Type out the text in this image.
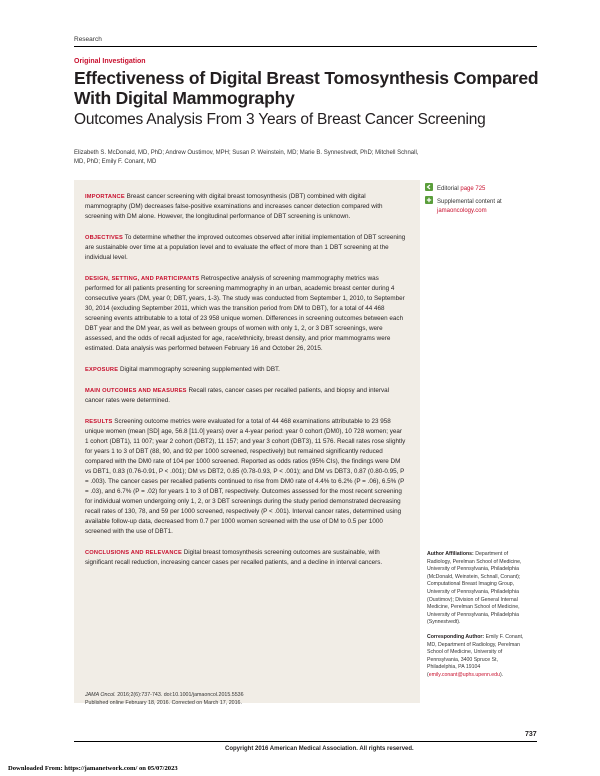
Research
Original Investigation
Effectiveness of Digital Breast Tomosynthesis Compared With Digital Mammography
Outcomes Analysis From 3 Years of Breast Cancer Screening
Elizabeth S. McDonald, MD, PhD; Andrew Oustimov, MPH; Susan P. Weinstein, MD; Marie B. Synnestvedt, PhD; Mitchell Schnall, MD, PhD; Emily F. Conant, MD

IMPORTANCE Breast cancer screening with digital breast tomosynthesis (DBT) combined with digital mammography (DM) decreases false-positive examinations and increases cancer detection compared with screening with DM alone. However, the longitudinal performance of DBT screening is unknown.

OBJECTIVES To determine whether the improved outcomes observed after initial implementation of DBT screening are sustainable over time at a population level and to evaluate the effect of more than 1 DBT screening at the individual level.

DESIGN, SETTING, AND PARTICIPANTS Retrospective analysis of screening mammography metrics was performed for all patients presenting for screening mammography in an urban, academic breast center during 4 consecutive years (DM, year 0; DBT, years, 1-3). The study was conducted from September 1, 2010, to September 30, 2014 (excluding September 2011, which was the transition period from DM to DBT), for a total of 44 468 screening events attributable to a total of 23 958 unique women. Differences in screening outcomes between each DBT year and the DM year, as well as between groups of women with only 1, 2, or 3 DBT screenings, were assessed, and the odds of recall adjusted for age, race/ethnicity, breast density, and prior mammograms were estimated. Data analysis was performed between February 16 and October 26, 2015.

EXPOSURE Digital mammography screening supplemented with DBT.

MAIN OUTCOMES AND MEASURES Recall rates, cancer cases per recalled patients, and biopsy and interval cancer rates were determined.

RESULTS Screening outcome metrics were evaluated for a total of 44 468 examinations attributable to 23 958 unique women (mean [SD] age, 56.8 [11.0] years) over a 4-year period: year 0 cohort (DM0), 10 728 women; year 1 cohort (DBT1), 11 007; year 2 cohort (DBT2), 11 157; and year 3 cohort (DBT3), 11 576. Recall rates rose slightly for years 1 to 3 of DBT (88, 90, and 92 per 1000 screened, respectively) but remained significantly reduced compared with the DM0 rate of 104 per 1000 screened. Reported as odds ratios (95% CIs), the findings were DM vs DBT1, 0.83 (0.76-0.91, P < .001); DM vs DBT2, 0.85 (0.78-0.93, P < .001); and DM vs DBT3, 0.87 (0.80-0.95, P = .003). The cancer cases per recalled patients continued to rise from DM0 rate of 4.4% to 6.2% (P = .06), 6.5% (P = .03), and 6.7% (P = .02) for years 1 to 3 of DBT, respectively. Outcomes assessed for the most recent screening for individual women undergoing only 1, 2, or 3 DBT screenings during the study period demonstrated decreasing recall rates of 130, 78, and 59 per 1000 screened, respectively (P < .001). Interval cancer rates, determined using available follow-up data, decreased from 0.7 per 1000 women screened with the use of DM to 0.5 per 1000 screened with the use of DBT1.

CONCLUSIONS AND RELEVANCE Digital breast tomosynthesis screening outcomes are sustainable, with significant recall reduction, increasing cancer cases per recalled patients, and a decline in interval cancers.

JAMA Oncol. 2016;2(6):737-743. doi:10.1001/jamaoncol.2015.5536

Published online February 18, 2016. Corrected on March 17, 2016.

Editorial page 725
Supplemental content at
jamaoncology.com

Author Affiliations: Department of Radiology, Perelman School of Medicine, University of Pennsylvania, Philadelphia (McDonald, Weinstein, Schnall, Conant); Computational Breast Imaging Group, University of Pennsylvania, Philadelphia (Oustimov); Division of General Internal Medicine, Perelman School of Medicine, University of Pennsylvania, Philadelphia (Synnestvedt).

Corresponding Author: Emily F. Conant, MD, Department of Radiology, Perelman School of Medicine, University of Pennsylvania, 3400 Spruce St, Philadelphia, PA 19104 (emily.conant@uphs.upenn.edu).

737
Copyright 2016 American Medical Association. All rights reserved.
Downloaded From: https://jamanetwork.com/ on 05/07/2023
